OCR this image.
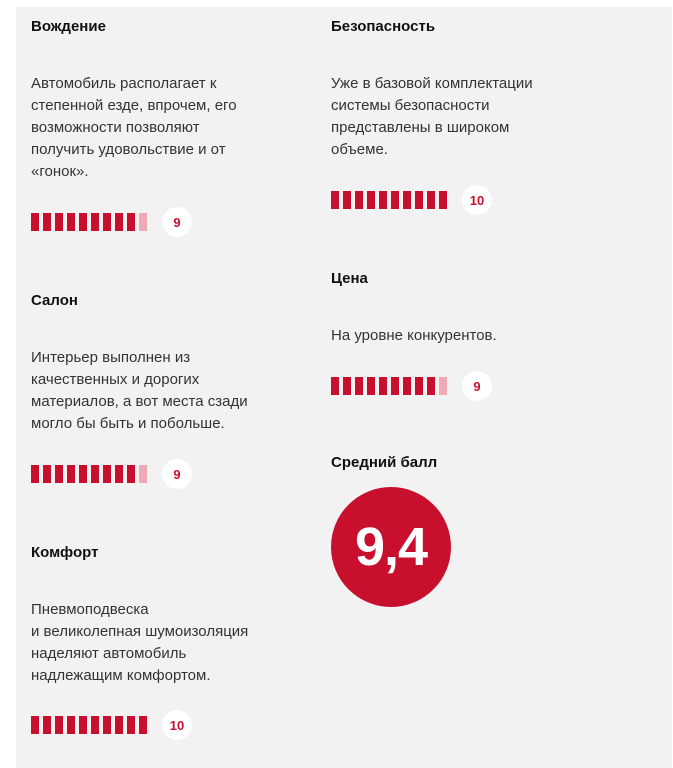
Вождение

Автомобиль располагает к
степенной езде, впрочем, его
возможности позволяют
получить удовольствие и от
«гонок».

9
Салон

Интерьер выполнен из
качественных и дорогих
материалов, а вот места сзади
могло бы быть и побольше.

9
Комфорт

Пневмоподвеска
и великолепная шумоизоляция
наделяют автомобиль
надлежащим комфортом.

10
Безопасность

Уже в базовой комплектации
системы безопасности
представлены в широком
объеме.

10
Цена

На уровне конкурентов.

9
Средний балл
9,4
